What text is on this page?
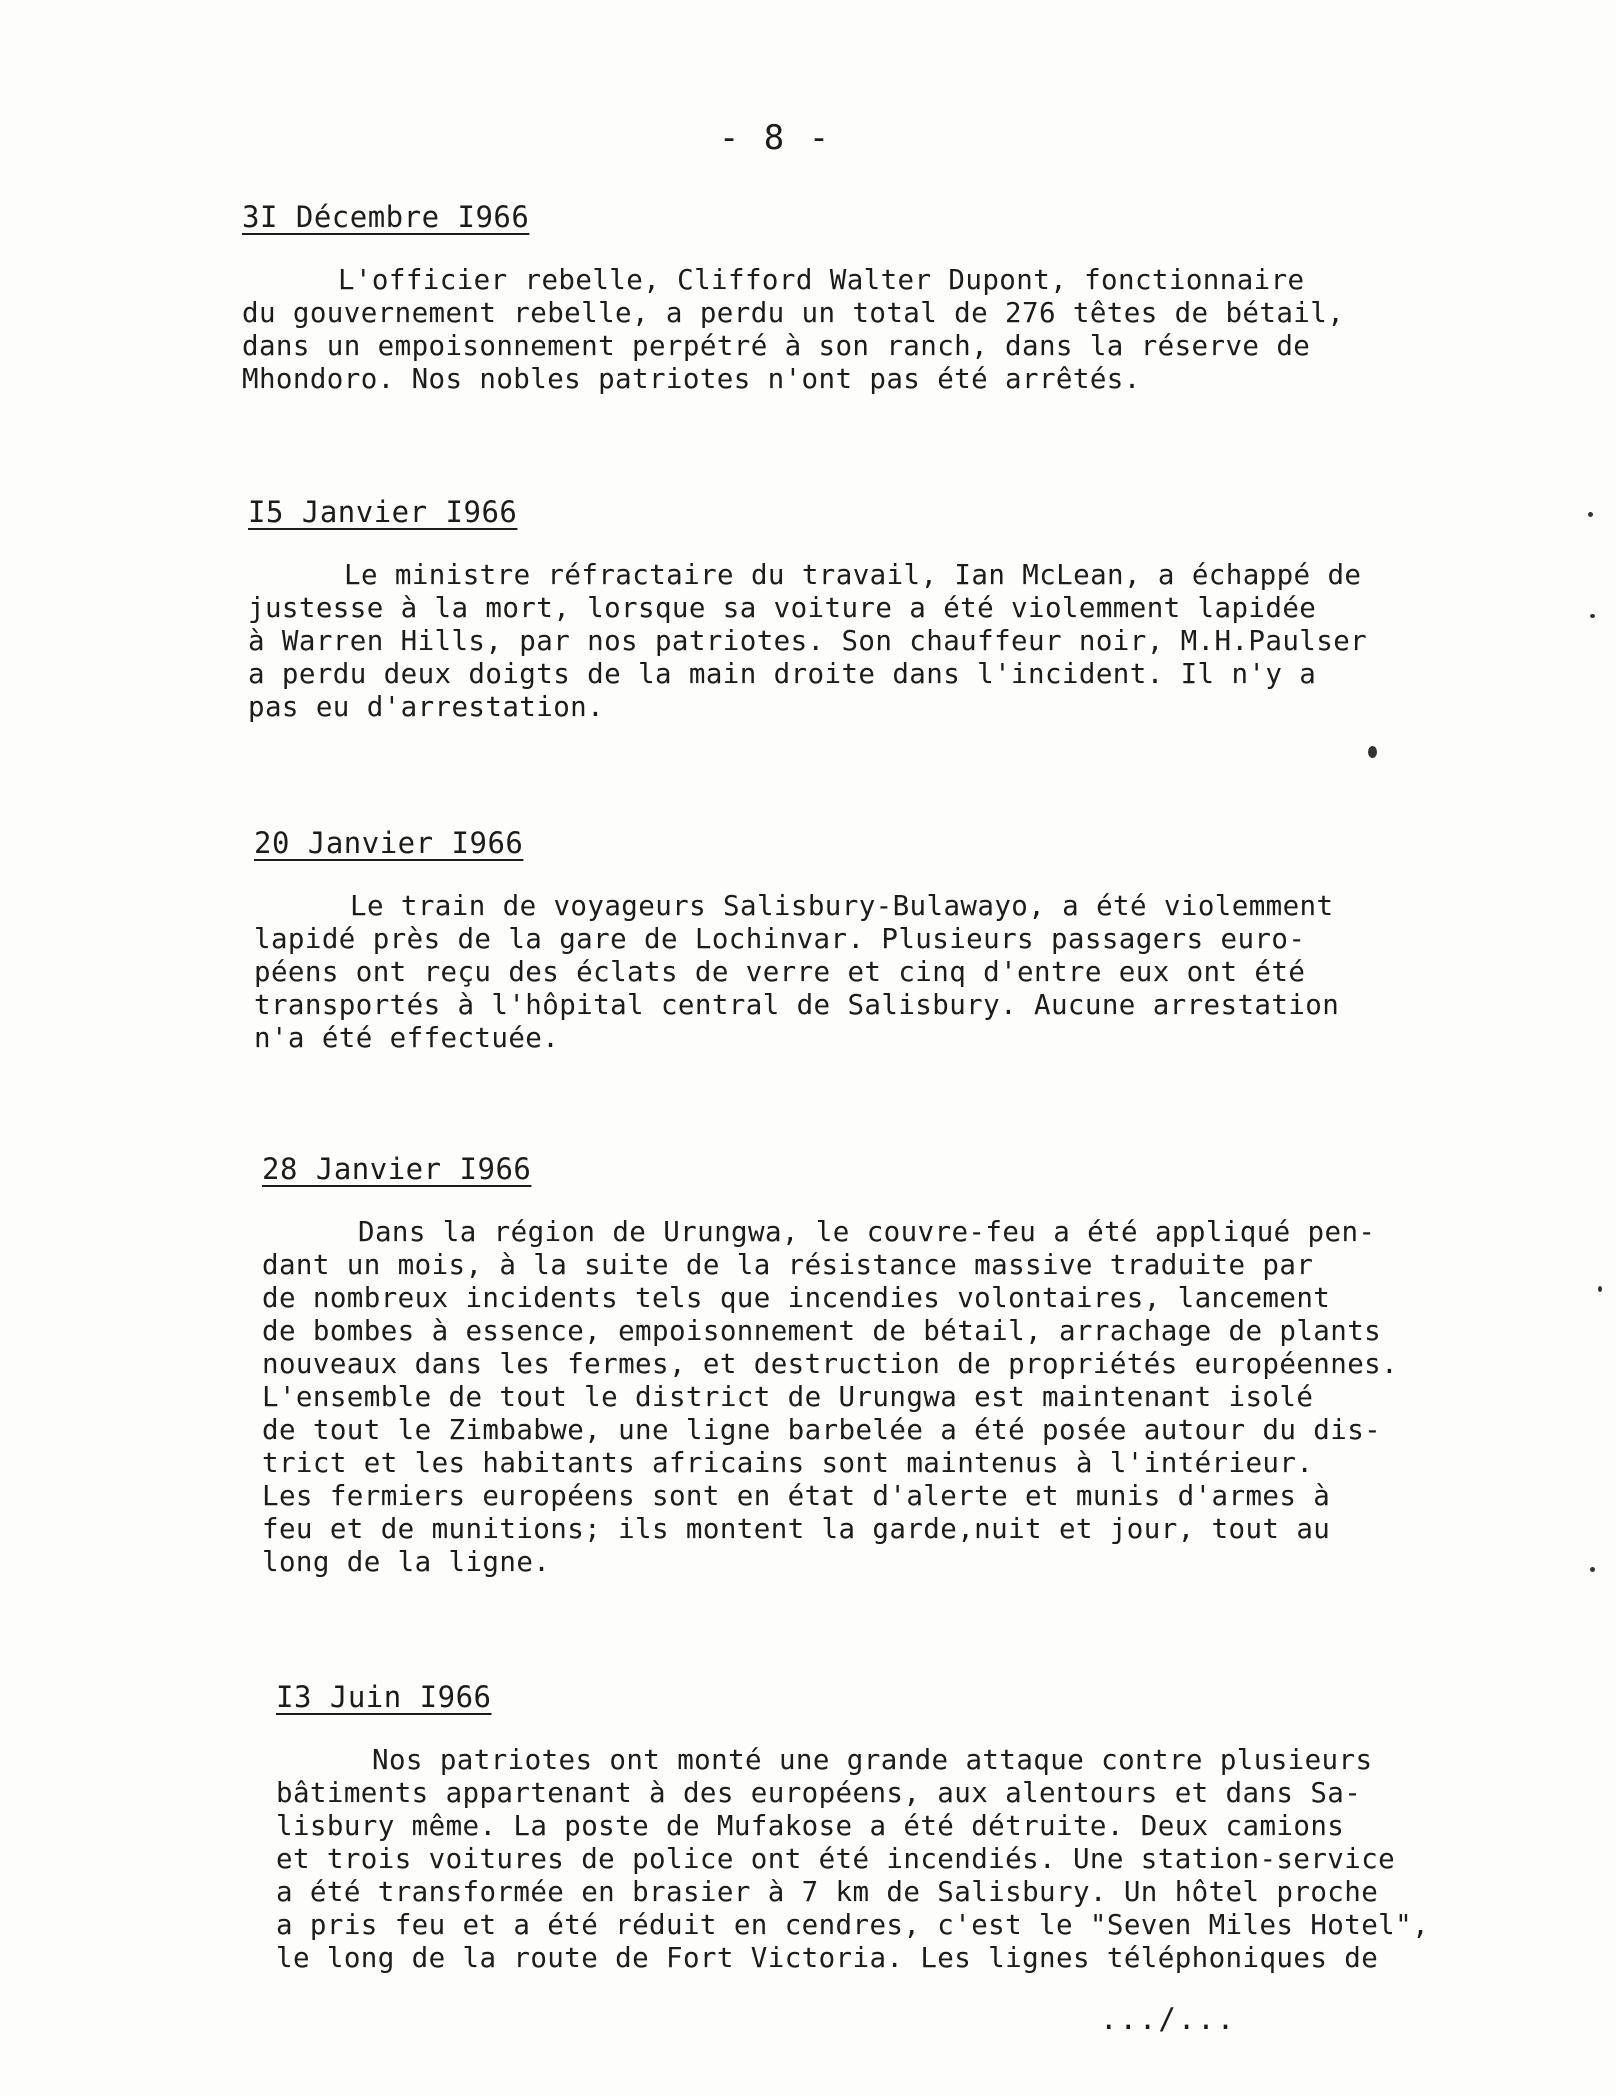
- 8 -
3I Décembre I966

L'officier rebelle, Clifford Walter Dupont, fonctionnaire
du gouvernement rebelle, a perdu un total de 276 têtes de bétail,
dans un empoisonnement perpétré à son ranch, dans la réserve de
Mhondoro. Nos nobles patriotes n'ont pas été arrêtés.

I5 Janvier I966

Le ministre réfractaire du travail, Ian McLean, a échappé de
justesse à la mort, lorsque sa voiture a été violemment lapidée
à Warren Hills, par nos patriotes. Son chauffeur noir, M.H.Paulser
a perdu deux doigts de la main droite dans l'incident. Il n'y a
pas eu d'arrestation.

20 Janvier I966

Le train de voyageurs Salisbury-Bulawayo, a été violemment
lapidé près de la gare de Lochinvar. Plusieurs passagers euro-
péens ont reçu des éclats de verre et cinq d'entre eux ont été
transportés à l'hôpital central de Salisbury. Aucune arrestation
n'a été effectuée.

28 Janvier I966

Dans la région de Urungwa, le couvre-feu a été appliqué pen-
dant un mois, à la suite de la résistance massive traduite par
de nombreux incidents tels que incendies volontaires, lancement
de bombes à essence, empoisonnement de bétail, arrachage de plants
nouveaux dans les fermes, et destruction de propriétés européennes.
L'ensemble de tout le district de Urungwa est maintenant isolé
de tout le Zimbabwe, une ligne barbelée a été posée autour du dis-
trict et les habitants africains sont maintenus à l'intérieur.
Les fermiers européens sont en état d'alerte et munis d'armes à
feu et de munitions; ils montent la garde,nuit et jour, tout au
long de la ligne.

I3 Juin I966

Nos patriotes ont monté une grande attaque contre plusieurs
bâtiments appartenant à des européens, aux alentours et dans Sa-
lisbury même. La poste de Mufakose a été détruite. Deux camions
et trois voitures de police ont été incendiés. Une station-service
a été transformée en brasier à 7 km de Salisbury. Un hôtel proche
a pris feu et a été réduit en cendres, c'est le "Seven Miles Hotel",
le long de la route de Fort Victoria. Les lignes téléphoniques de

.../...
